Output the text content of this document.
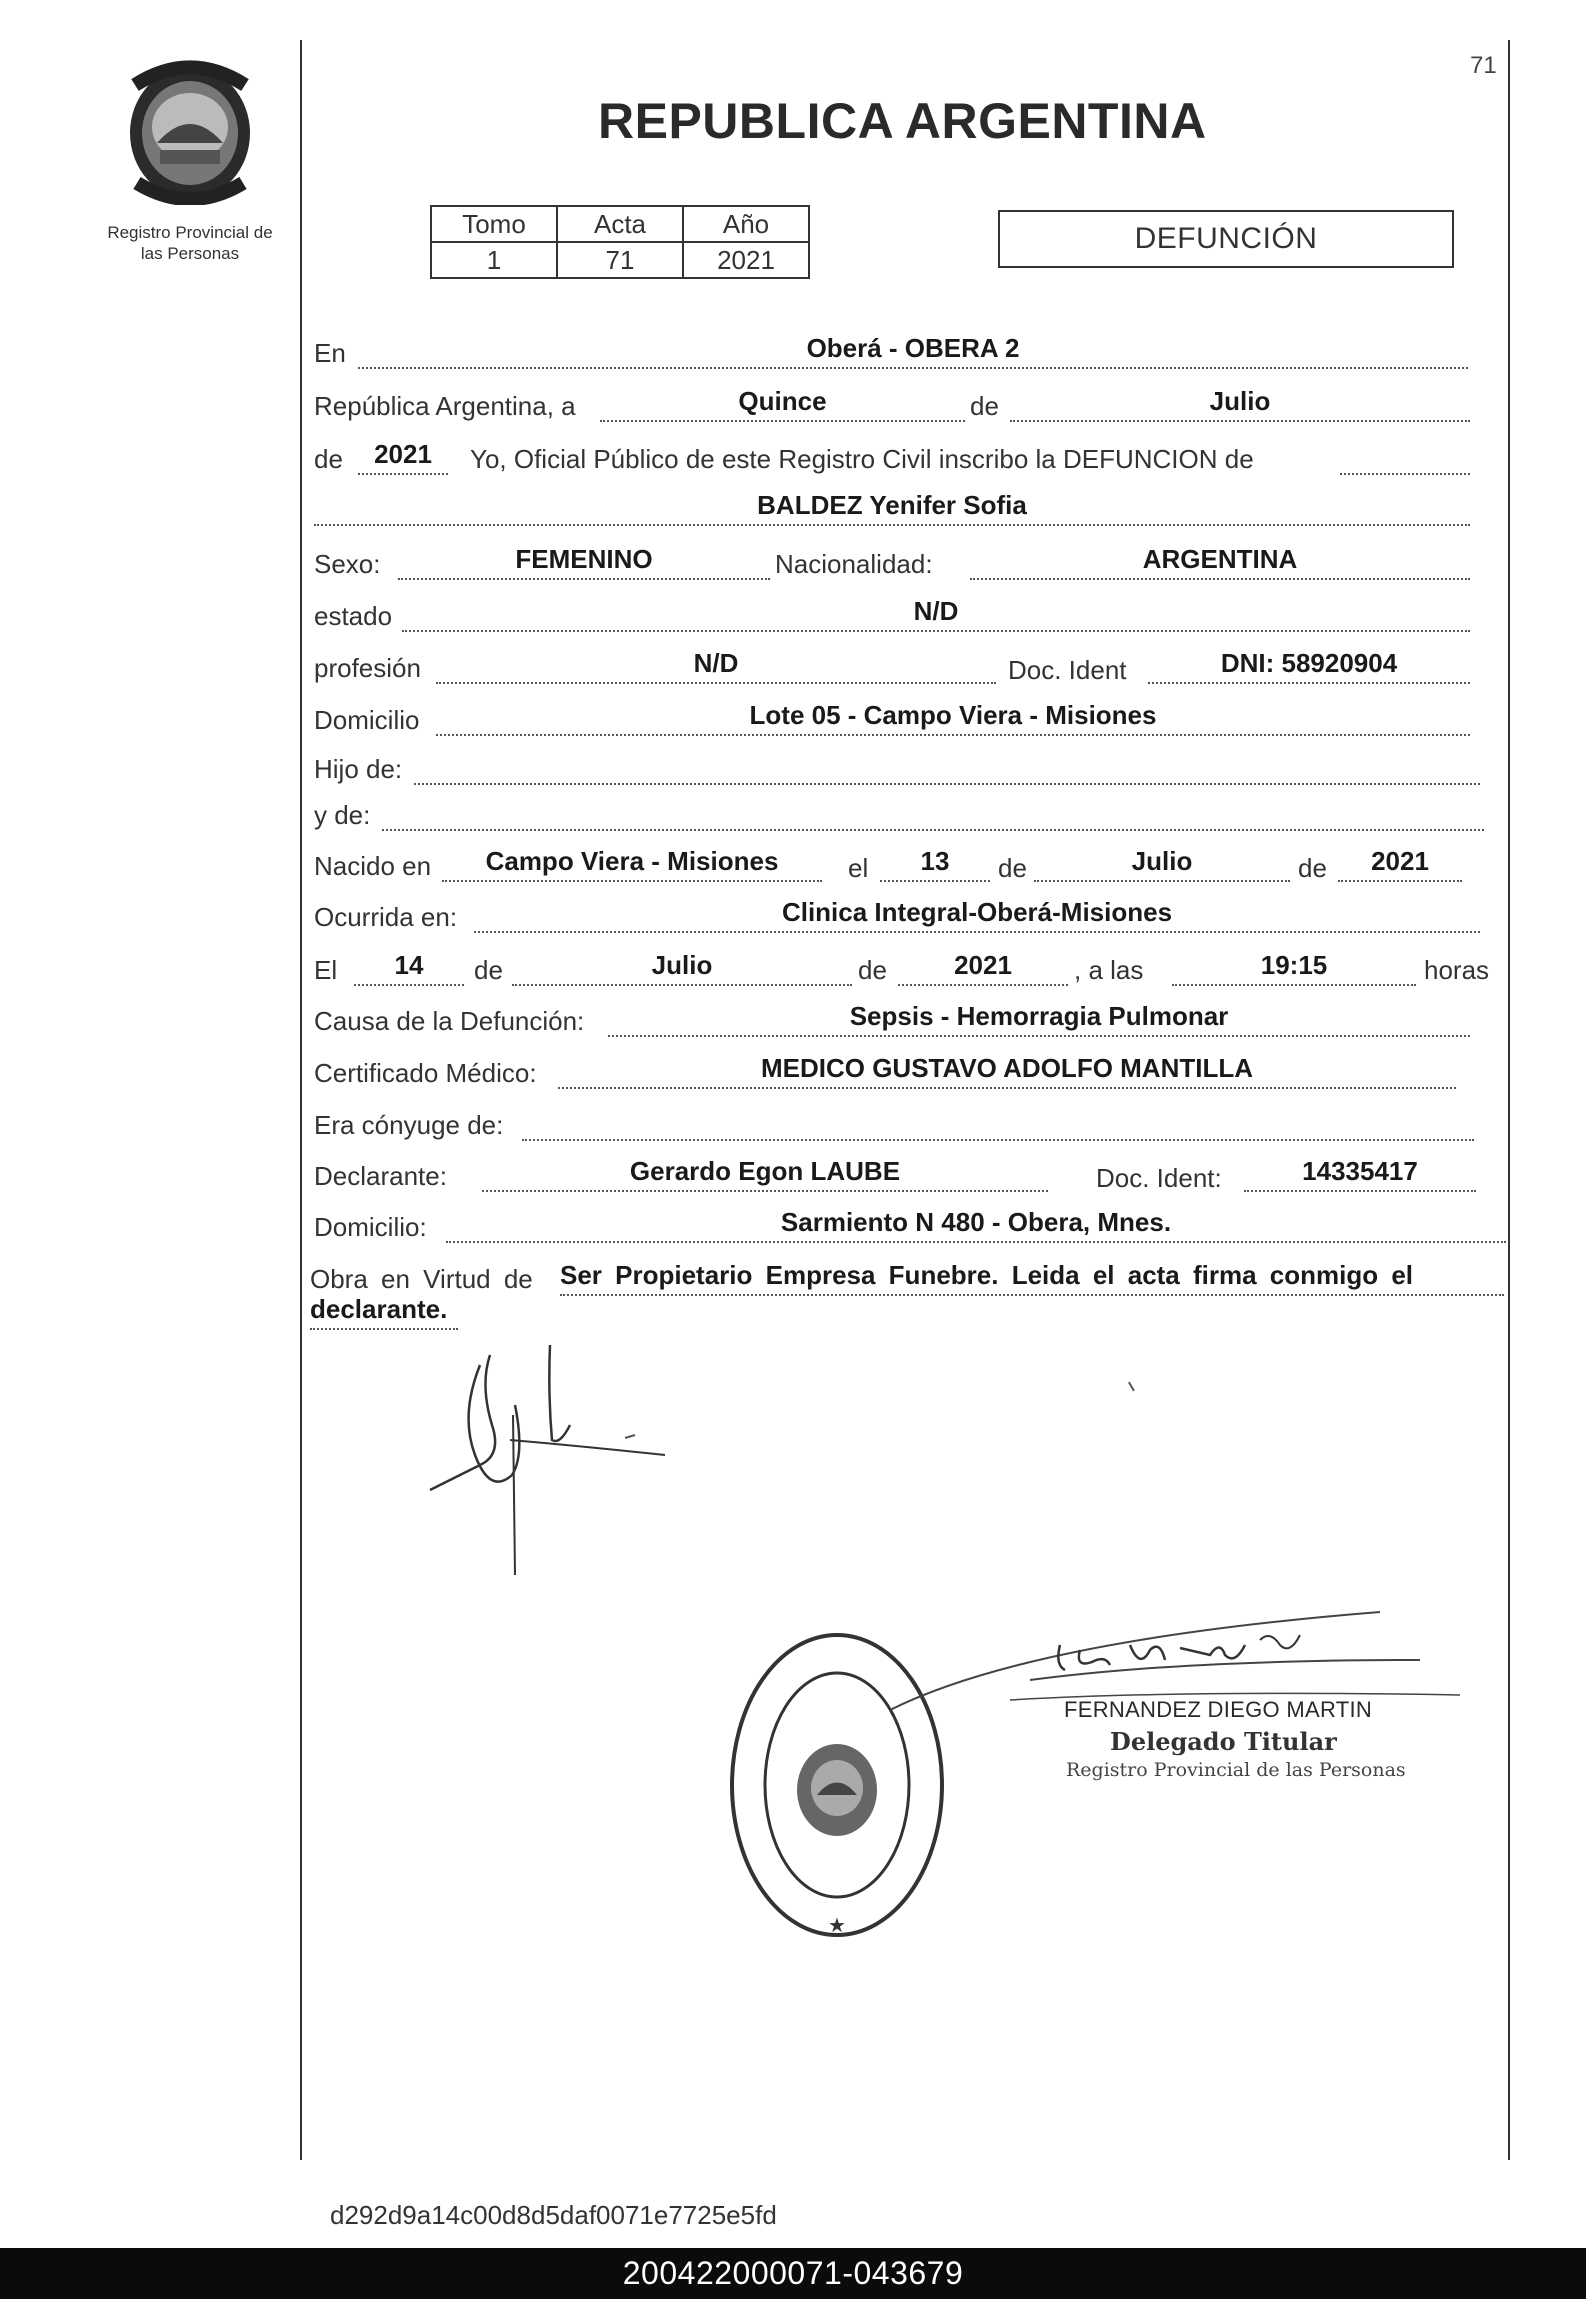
Registro Provincial de
las Personas
71
REPUBLICA ARGENTINA
Tomo	Acta	Año
1	71	2021
DEFUNCIÓN
En	Oberá - OBERA 2
República Argentina, a	Quince	de	Julio
de	2021	Yo, Oficial Público de este Registro Civil inscribo la DEFUNCION de
BALDEZ Yenifer Sofia
Sexo:	FEMENINO	Nacionalidad:	ARGENTINA
estado	N/D
profesión	N/D	Doc. Ident	DNI: 58920904
Domicilio	Lote 05 - Campo Viera - Misiones
Hijo de:
y de:
Nacido en	Campo Viera - Misiones	el	13	de	Julio	de	2021
Ocurrida en:	Clinica Integral-Oberá-Misiones
El	14	de	Julio	de	2021	, a las	19:15	horas
Causa de la Defunción:	Sepsis - Hemorragia Pulmonar
Certificado Médico:	MEDICO GUSTAVO ADOLFO MANTILLA
Era cónyuge de:
Declarante:	Gerardo Egon LAUBE	Doc. Ident:	14335417
Domicilio:	Sarmiento N 480 - Obera, Mnes.
Obra en Virtud de Ser Propietario Empresa Funebre. Leida el acta firma conmigo el
declarante.
★
FERNANDEZ DIEGO MARTIN
Delegado Titular
Registro Provincial de las Personas
d292d9a14c00d8d5daf0071e7725e5fd
200422000071-043679
